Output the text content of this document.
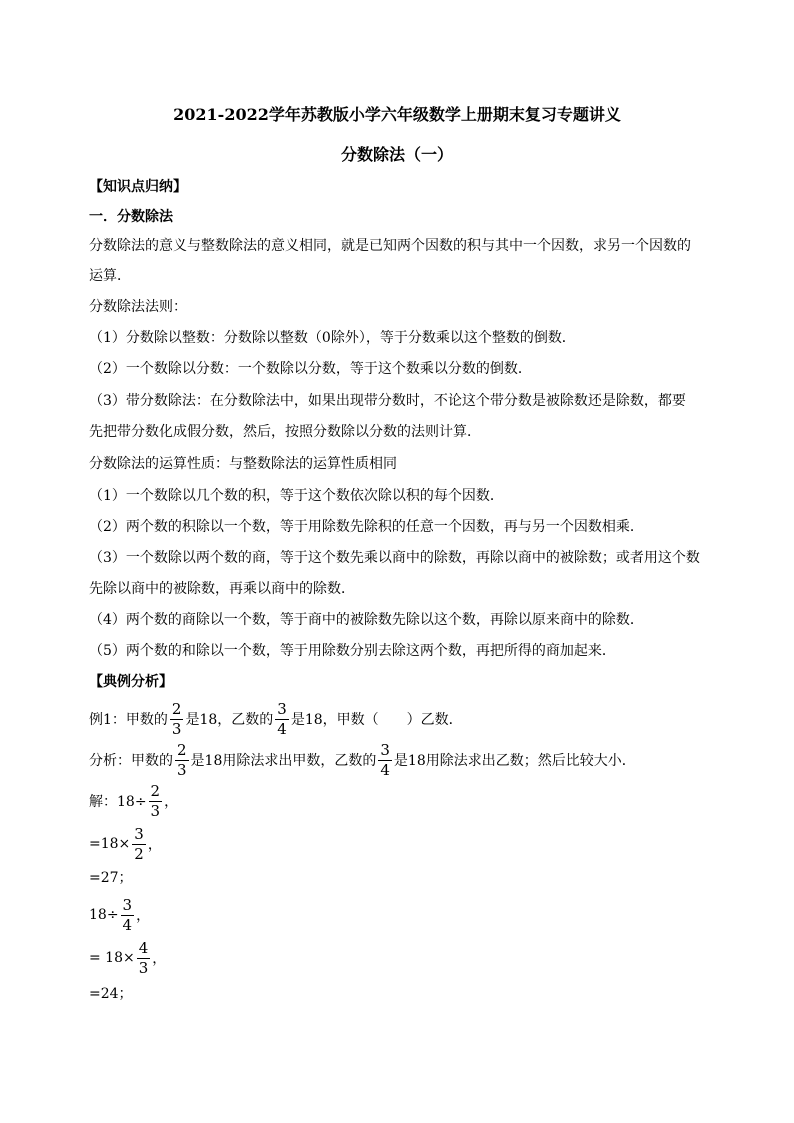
2021-2022学年苏教版小学六年级数学上册期末复习专题讲义
分数除法（一）
【知识点归纳】
一．分数除法
分数除法的意义与整数除法的意义相同，就是已知两个因数的积与其中一个因数，求另一个因数的
运算．
分数除法法则：
（1）分数除以整数：分数除以整数（0除外），等于分数乘以这个整数的倒数．
（2）一个数除以分数：一个数除以分数，等于这个数乘以分数的倒数．
（3）带分数除法：在分数除法中，如果出现带分数时，不论这个带分数是被除数还是除数，都要
先把带分数化成假分数，然后，按照分数除以分数的法则计算．
分数除法的运算性质：与整数除法的运算性质相同
（1）一个数除以几个数的积，等于这个数依次除以积的每个因数．
（2）两个数的积除以一个数，等于用除数先除积的任意一个因数，再与另一个因数相乘．
（3）一个数除以两个数的商，等于这个数先乘以商中的除数，再除以商中的被除数；或者用这个数
先除以商中的被除数，再乘以商中的除数．
（4）两个数的商除以一个数，等于商中的被除数先除以这个数，再除以原来商中的除数．
（5）两个数的和除以一个数，等于用除数分别去除这两个数，再把所得的商加起来．
【典例分析】
例1：甲数的 $\frac{2}{3}$ 是18，乙数的 $\frac{3}{4}$ 是18，甲数（　　）乙数．
分析：甲数的 $\frac{2}{3}$ 是18用除法求出甲数，乙数的 $\frac{3}{4}$ 是18用除法求出乙数；然后比较大小．
解：$18\div \frac{2}{3}$ ，
$=18\times \frac{3}{2}$ ，
=27；
$18\div \frac{3}{4}$ ，
= $18\times \frac{4}{3}$ ，
=24；
